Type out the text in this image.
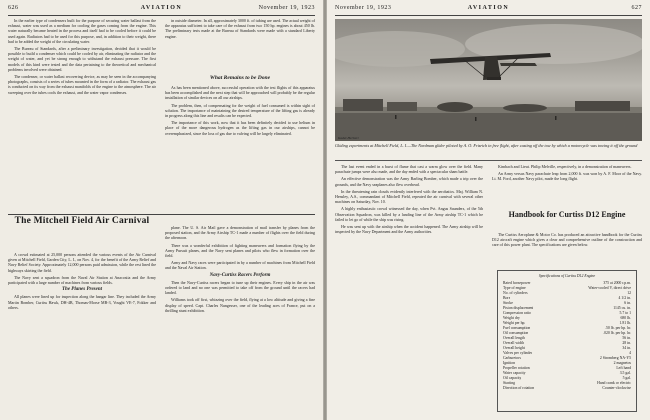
626	AVIATION	November 19, 1923

In the earlier type of condensers built for the purpose of securing water ballast from the exhaust, water was used as a medium for cooling the gases coming from the engine. This water naturally became heated in the process and itself had to be cooled before it could be used again. Radiators had to be used for this purpose, and, in addition to their weight, there had to be added the weight of the circulating water.

The Bureau of Standards, after a preliminary investigation, decided that it would be possible to build a condenser which could be cooled by air, eliminating the radiator and the weight of water, and yet be strong enough to withstand the exhaust pressure. The first models of this kind were tested and the data pertaining to the theoretical and mechanical problems involved were obtained.

The condenser, or water ballast recovering device, as may be seen in the accompanying photographs, consists of a series of tubes mounted in the form of a radiator. The exhaust gas is conducted on its way from the exhaust manifolds of the engine to the atmosphere. The air sweeping over the tubes cools the exhaust, and the water vapor condenses.

in outside diameter. In all, approximately 3000 ft. of tubing are used. The actual weight of the apparatus sufficient to take care of the exhaust from two 150 hp. engines is about 450 lb. The preliminary tests made at the Bureau of Standards were made with a standard Liberty engine.

What Remains to be Done

As has been mentioned above, successful operation with the test flights of this apparatus has been accomplished and the next step that will be approached will probably be the regular installation of similar devices on all our airships.

The problem, then, of compensating for the weight of fuel consumed is within sight of solution. The importance of maintaining the desired temperature of the lifting gas is already in progress along this line and results can be expected.

The importance of this work, now that it has been definitely decided to use helium in place of the more dangerous hydrogen as the lifting gas in our airships, cannot be overemphasized, since the loss of gas due to valving will be largely eliminated.

The Mitchell Field Air Carnival

A crowd estimated at 25,000 persons attended the various events of the Air Carnival given at Mitchell Field, Garden City, L. I., on Nov. 4, for the benefit of the Army Relief and Navy Relief Society. Approximately 12,000 persons paid admission, while the rest lined the highways skirting the field.

The Navy sent a squadron from the Naval Air Station at Anacostia and the Army participated with a large number of machines from various fields.

The Planes Present

All planes were lined up for inspection along the hangar line. They included the Army Martin Bomber, Curtiss Hawk, DH-4B, Thomas-Morse MB-3, Vought VE-7, Fokker and others.

plane. The U. S. Air Mail gave a demonstration of mail transfer by planes from the proposed station, and the Army Airship TC-1 made a number of flights over the field during the afternoon.

There was a wonderful exhibition of fighting maneuvers and formation flying by the Army Pursuit planes, and the Navy sent planes and pilots who flew in formation over the field.

Army and Navy races were participated in by a number of machines from Mitchell Field and the Naval Air Station.

Navy-Curtiss Racers Perform

Then the Navy-Curtiss racers began to tune up their engines. Every ship in the air was ordered to land and no one was permitted to take off from the ground until the racers had landed.

Williams took off first, whizzing over the field, flying at a low altitude and giving a fine display of speed. Capt. Charles Nungesser, one of the leading aces of France, put on a thrilling stunt exhibition.

November 19, 1923	AVIATION	627
Kadel-Herbert
Gliding experiments at Mitchell Field, L. I.—The Nordman glider piloted by A. O. Frisrich in free flight, after casting off the tow by which a motorcycle was towing it off the ground

The last event ended in a burst of flame that cast a warm glow over the field. Many parachute jumps were also made, and the day ended with a spectacular sham battle.

An effective demonstration was the Army Barling Bomber, which made a trip over the grounds, and the Navy seaplanes also flew overhead.

In the threatening rain clouds evidently interfered with the aerobatics. Maj. William N. Hensley, A.S., commandant of Mitchell Field, repeated the air carnival with several other machines on Saturday, Nov. 10.

A highly enthusiastic crowd witnessed the day, when Pvt. Angus Saunders, of the 5th Observation Squadron, was killed by a landing line of the Army airship TC-1 which he failed to let go of while the ship was rising.

He was sent up with the airship when the accident happened. The Army airship will be inspected by the Navy Department and the Army authorities.

Kimbach and Lieut. Philip Melville, respectively, in a demonstration of maneuvers.

An Army versus Navy parachute leap from 2,000 ft. was won by A. F. Moor of the Navy. Lt. M. Ford, another Navy pilot, made the long flight.

Handbook for Curtiss D12 Engine

The Curtiss Aeroplane & Motor Co. has produced an attractive handbook for the Curtiss D12 aircraft engine which gives a clear and comprehensive outline of the construction and care of this power plant. The specifications are given below.

Specifications of Curtiss D12 Engine
Rated horsepower	375 at 2000 r.p.m.
Type of engine	Water-cooled V, direct drive
No. of cylinders	12
Bore	4 1/2 in.
Stroke	6 in.
Piston displacement	1145 cu. in.
Compression ratio	5.7 to 1
Weight dry	680 lb.
Weight per hp.	1.81 lb.
Fuel consumption	.50 lb. per hp. hr.
Oil consumption	.020 lb. per hp. hr.
Overall length	56 in.
Overall width	28 in.
Overall height	34 in.
Valves per cylinder	4
Carburetors	2 Stromberg NA-Y5
Ignition	2 magnetos
Propeller rotation	Left hand
Water capacity	3.5 gal.
Oil capacity	5 gal.
Starting	Hand crank or electric
Direction of rotation	Counter-clockwise
